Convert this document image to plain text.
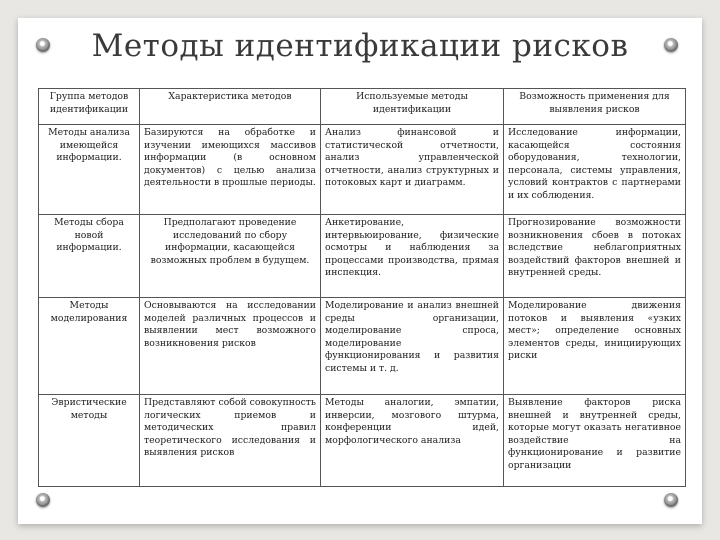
Методы идентификации рисков
Группа методов идентификации	Характеристика методов	Используемые методы идентификации	Возможность применения для выявления рисков
Методы анализа имеющейся информации.	Базируются на обработке и изучении имеющихся массивов информации (в основном документов) с целью анализа деятельности в прошлые периоды.	Анализ финансовой и статистической отчетности, анализ управленческой отчетности, анализ структурных и потоковых карт и диаграмм.	Исследование информации, касающейся состояния оборудования, технологии, персонала, системы управления, условий контрактов с партнерами и их соблюдения.
Методы сбора новой информации.	Предполагают проведение исследований по сбору информации, касающейся возможных проблем в будущем.	Анкетирование, интервьюирование, физические осмотры и наблюдения за процессами производства, прямая инспекция.	Прогнозирование возможности возникновения сбоев в потоках вследствие неблагоприятных воздействий факторов внешней и внутренней среды.
Методы моделирования	Основываются на исследовании моделей различных процессов и выявлении мест возможного возникновения рисков	Моделирование и анализ внешней среды организации, моделирование спроса, моделирование функционирования и развития системы и т. д.	Моделирование движения потоков и выявления «узких мест»; определение основных элементов среды, инициирующих риски
Эвристические методы	Представляют собой совокупность логических приемов и методических правил теоретического исследования и выявления рисков	Методы аналогии, эмпатии, инверсии, мозгового штурма, конференции идей, морфологического анализа	Выявление факторов риска внешней и внутренней среды, которые могут оказать негативное воздействие на функционирование и развитие организации
